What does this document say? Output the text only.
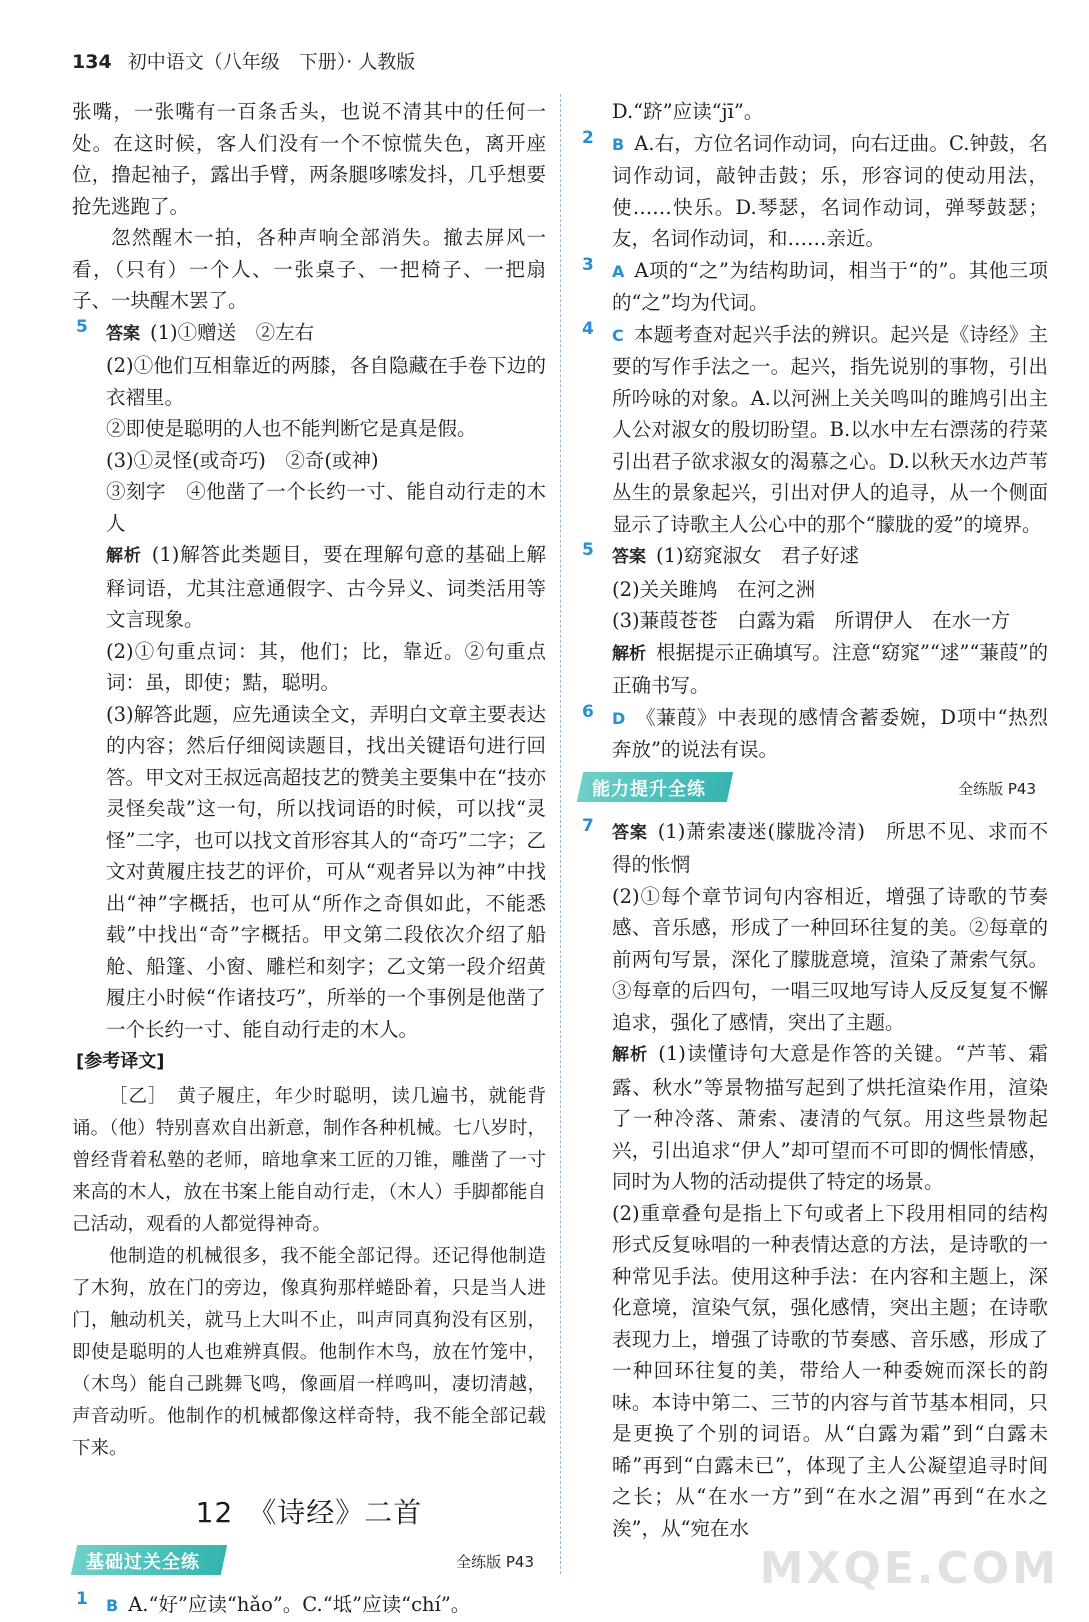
134 初中语文（八年级　下册）· 人教版

张嘴，一张嘴有一百条舌头，也说不清其中的任何一处。在这时候，客人们没有一个不惊慌失色，离开座位，撸起袖子，露出手臂，两条腿哆嗦发抖，几乎想要抢先逃跑了。

忽然醒木一拍，各种声响全部消失。撤去屏风一看，（只有）一个人、一张桌子、一把椅子、一把扇子、一块醒木罢了。

5 答案 (1)①赠送　②左右

(2)①他们互相靠近的两膝，各自隐藏在手卷下边的衣褶里。

②即使是聪明的人也不能判断它是真是假。

(3)①灵怪(或奇巧)　②奇(或神)

③刻字　④他凿了一个长约一寸、能自动行走的木人

解析 (1)解答此类题目，要在理解句意的基础上解释词语，尤其注意通假字、古今异义、词类活用等文言现象。

(2)①句重点词：其，他们；比，靠近。②句重点词：虽，即使；黠，聪明。

(3)解答此题，应先通读全文，弄明白文章主要表达的内容；然后仔细阅读题目，找出关键语句进行回答。甲文对王叔远高超技艺的赞美主要集中在“技亦灵怪矣哉”这一句，所以找词语的时候，可以找“灵怪”二字，也可以找文首形容其人的“奇巧”二字；乙文对黄履庄技艺的评价，可从“观者异以为神”中找出“神”字概括，也可从“所作之奇俱如此，不能悉载”中找出“奇”字概括。甲文第二段依次介绍了船舱、船篷、小窗、雕栏和刻字；乙文第一段介绍黄履庄小时候“作诸技巧”，所举的一个事例是他凿了一个长约一寸、能自动行走的木人。

[参考译文]

［乙］　黄子履庄，年少时聪明，读几遍书，就能背诵。（他）特别喜欢自出新意，制作各种机械。七八岁时，曾经背着私塾的老师，暗地拿来工匠的刀锥，雕凿了一寸来高的木人，放在书案上能自动行走，（木人）手脚都能自己活动，观看的人都觉得神奇。

他制造的机械很多，我不能全部记得。还记得他制造了木狗，放在门的旁边，像真狗那样蜷卧着，只是当人进门，触动机关，就马上大叫不止，叫声同真狗没有区别，即使是聪明的人也难辨真假。他制作木鸟，放在竹笼中，（木鸟）能自己跳舞飞鸣，像画眉一样鸣叫，凄切清越，声音动听。他制作的机械都像这样奇特，我不能全部记载下来。

12　《诗经》二首
基础过关全练	全练版 P43
1 B A.“好”应读“hǎo”。C.“坻”应读“chí”。

D.“跻”应读“jī”。

2 B A.右，方位名词作动词，向右迂曲。C.钟鼓，名词作动词，敲钟击鼓；乐，形容词的使动用法，使……快乐。D.琴瑟，名词作动词，弹琴鼓瑟；友，名词作动词，和……亲近。

3 A A项的“之”为结构助词，相当于“的”。其他三项的“之”均为代词。

4 C 本题考查对起兴手法的辨识。起兴是《诗经》主要的写作手法之一。起兴，指先说别的事物，引出所吟咏的对象。A.以河洲上关关鸣叫的雎鸠引出主人公对淑女的殷切盼望。B.以水中左右漂荡的荇菜引出君子欲求淑女的渴慕之心。D.以秋天水边芦苇丛生的景象起兴，引出对伊人的追寻，从一个侧面显示了诗歌主人公心中的那个“朦胧的爱”的境界。

5 答案 (1)窈窕淑女　君子好逑

(2)关关雎鸠　在河之洲

(3)蒹葭苍苍　白露为霜　所谓伊人　在水一方

解析 根据提示正确填写。注意“窈窕”“逑”“蒹葭”的正确书写。

6 D 《蒹葭》中表现的感情含蓄委婉，D项中“热烈奔放”的说法有误。

能力提升全练	全练版 P43
7 答案 (1)萧索凄迷(朦胧冷清)　所思不见、求而不得的怅惘

(2)①每个章节词句内容相近，增强了诗歌的节奏感、音乐感，形成了一种回环往复的美。②每章的前两句写景，深化了朦胧意境，渲染了萧索气氛。③每章的后四句，一唱三叹地写诗人反反复复不懈追求，强化了感情，突出了主题。

解析 (1)读懂诗句大意是作答的关键。“芦苇、霜露、秋水”等景物描写起到了烘托渲染作用，渲染了一种冷落、萧索、凄清的气氛。用这些景物起兴，引出追求“伊人”却可望而不可即的惆怅情感，同时为人物的活动提供了特定的场景。

(2)重章叠句是指上下句或者上下段用相同的结构形式反复咏唱的一种表情达意的方法，是诗歌的一种常见手法。使用这种手法：在内容和主题上，深化意境，渲染气氛，强化感情，突出主题；在诗歌表现力上，增强了诗歌的节奏感、音乐感，形成了一种回环往复的美，带给人一种委婉而深长的韵味。本诗中第二、三节的内容与首节基本相同，只是更换了个别的词语。从“白露为霜”到“白露未晞”再到“白露未已”，体现了主人公凝望追寻时间之长；从“在水一方”到“在水之湄”再到“在水之涘”，从“宛在水

MXQE.COM
